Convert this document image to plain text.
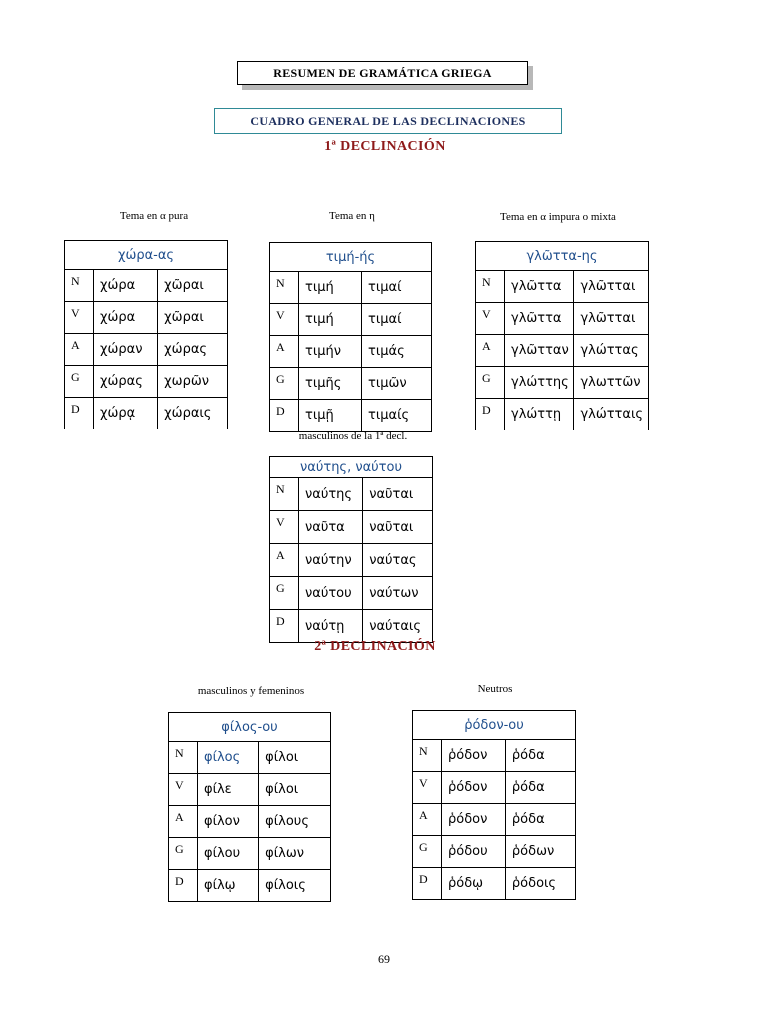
RESUMEN DE GRAMÁTICA GRIEGA
CUADRO GENERAL DE LAS DECLINACIONES
1ª DECLINACIÓN
Tema en α pura	Tema en η	Tema en α impura o mixta
χώρα-ας		
N	χώρα	χῶραι
V	χώρα	χῶραι
A	χώραν	χώρας
G	χώρας	χωρῶν
D	χώρᾳ	χώραις
τιμή-ής		
N	τιμή	τιμαί
V	τιμή	τιμαί
A	τιμήν	τιμάς
G	τιμῆς	τιμῶν
D	τιμῇ	τιμαίς
γλῶττα-ης		
N	γλῶττα	γλῶτται
V	γλῶττα	γλῶτται
A	γλῶτταν	γλώττας
G	γλώττης	γλωττῶν
D	γλώττῃ	γλώτταις
masculinos de la 1ª decl.
ναύτης, ναύτου		
N	ναύτης	ναῦται
V	ναῦτα	ναῦται
A	ναύτην	ναύτας
G	ναύτου	ναύτων
D	ναύτῃ	ναύταις
2ª DECLINACIÓN
masculinos y femeninos	Neutros
φίλος-ου		
N	φίλος	φίλοι
V	φίλε	φίλοι
A	φίλον	φίλους
G	φίλου	φίλων
D	φίλῳ	φίλοις
ῥόδον-ου		
N	ῥόδον	ῥόδα
V	ῥόδον	ῥόδα
A	ῥόδον	ῥόδα
G	ῥόδου	ῥόδων
D	ῥόδῳ	ῥόδοις
69
